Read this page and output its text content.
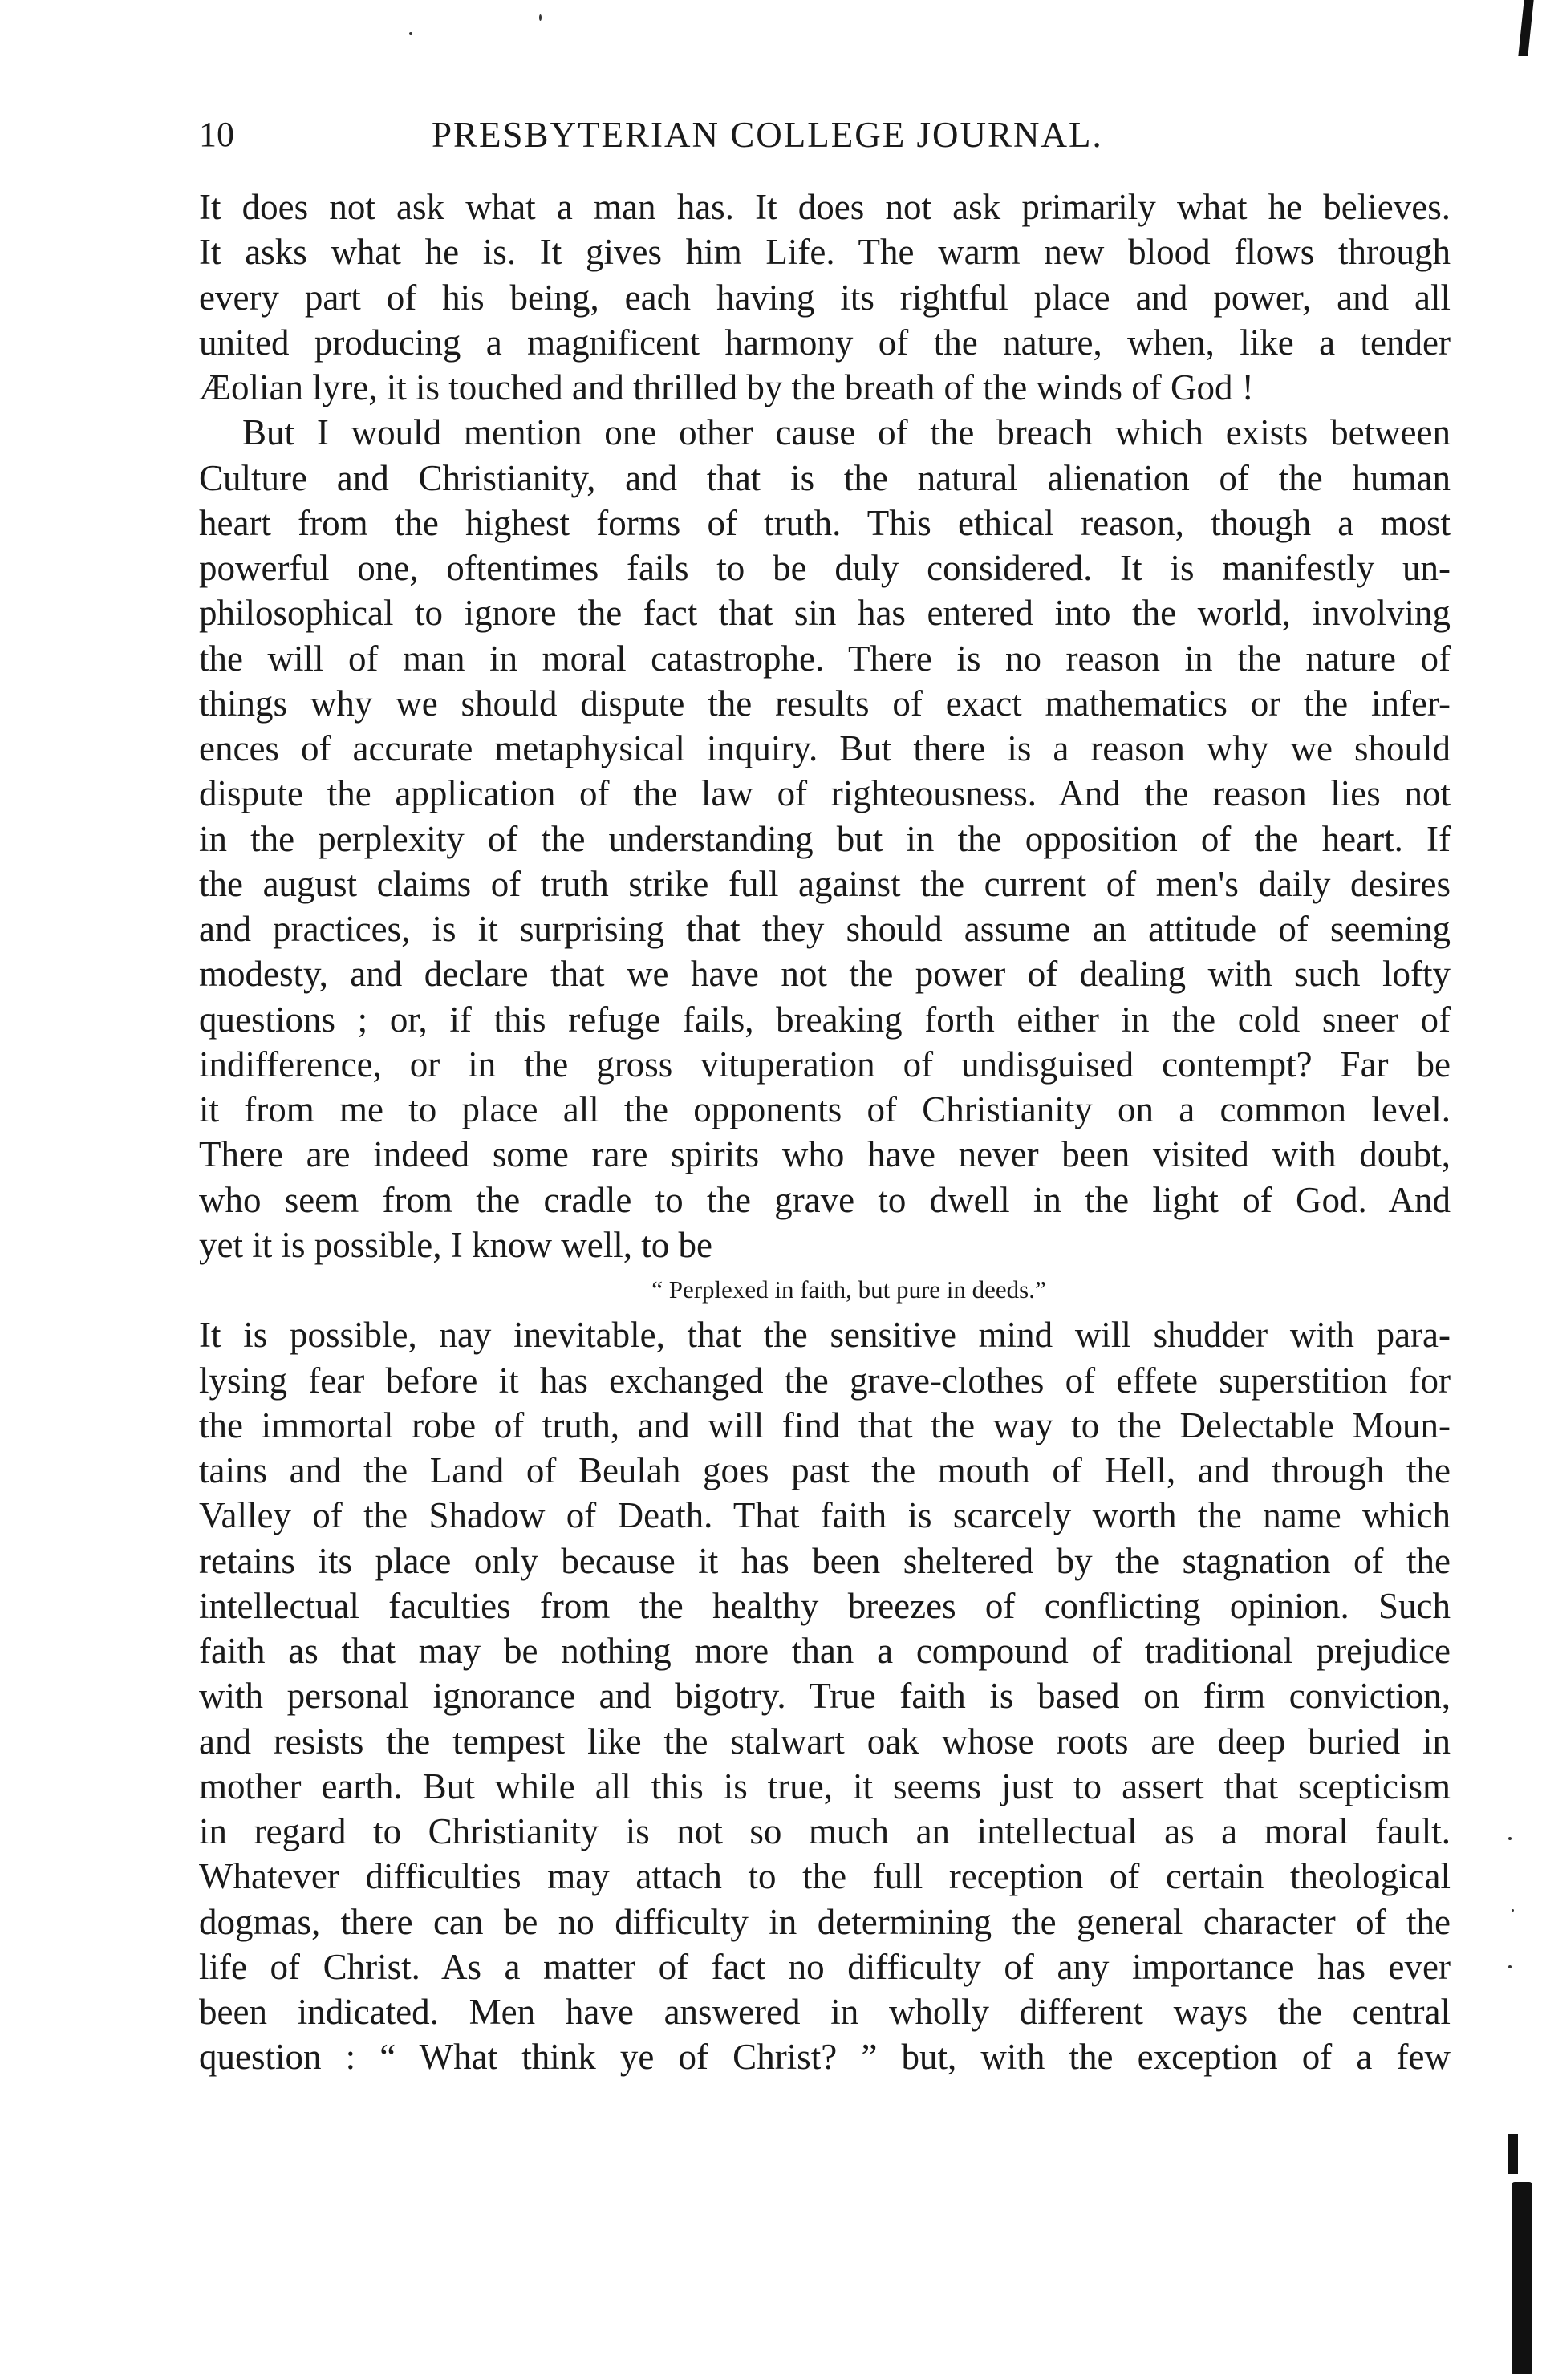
10	PRESBYTERIAN COLLEGE JOURNAL.
It does not ask what a man has. It does not ask primarily what he believes.
It asks what he is. It gives him Life. The warm new blood flows through
every part of his being, each having its rightful place and power, and all
united producing a magnificent harmony of the nature, when, like a tender
Æolian lyre, it is touched and thrilled by the breath of the winds of God !
But I would mention one other cause of the breach which exists between
Culture and Christianity, and that is the natural alienation of the human
heart from the highest forms of truth. This ethical reason, though a most
powerful one, oftentimes fails to be duly considered. It is manifestly un-
philosophical to ignore the fact that sin has entered into the world, involving
the will of man in moral catastrophe. There is no reason in the nature of
things why we should dispute the results of exact mathematics or the infer-
ences of accurate metaphysical inquiry. But there is a reason why we should
dispute the application of the law of righteousness. And the reason lies not
in the perplexity of the understanding but in the opposition of the heart. If
the august claims of truth strike full against the current of men's daily desires
and practices, is it surprising that they should assume an attitude of seeming
modesty, and declare that we have not the power of dealing with such lofty
questions ; or, if this refuge fails, breaking forth either in the cold sneer of
indifference, or in the gross vituperation of undisguised contempt? Far be
it from me to place all the opponents of Christianity on a common level.
There are indeed some rare spirits who have never been visited with doubt,
who seem from the cradle to the grave to dwell in the light of God. And
yet it is possible, I know well, to be
“ Perplexed in faith, but pure in deeds.”
It is possible, nay inevitable, that the sensitive mind will shudder with para-
lysing fear before it has exchanged the grave-clothes of effete superstition for
the immortal robe of truth, and will find that the way to the Delectable Moun-
tains and the Land of Beulah goes past the mouth of Hell, and through the
Valley of the Shadow of Death. That faith is scarcely worth the name which
retains its place only because it has been sheltered by the stagnation of the
intellectual faculties from the healthy breezes of conflicting opinion. Such
faith as that may be nothing more than a compound of traditional prejudice
with personal ignorance and bigotry. True faith is based on firm conviction,
and resists the tempest like the stalwart oak whose roots are deep buried in
mother earth. But while all this is true, it seems just to assert that scepticism
in regard to Christianity is not so much an intellectual as a moral fault.
Whatever difficulties may attach to the full reception of certain theological
dogmas, there can be no difficulty in determining the general character of the
life of Christ. As a matter of fact no difficulty of any importance has ever
been indicated. Men have answered in wholly different ways the central
question : “ What think ye of Christ? ” but, with the exception of a few
